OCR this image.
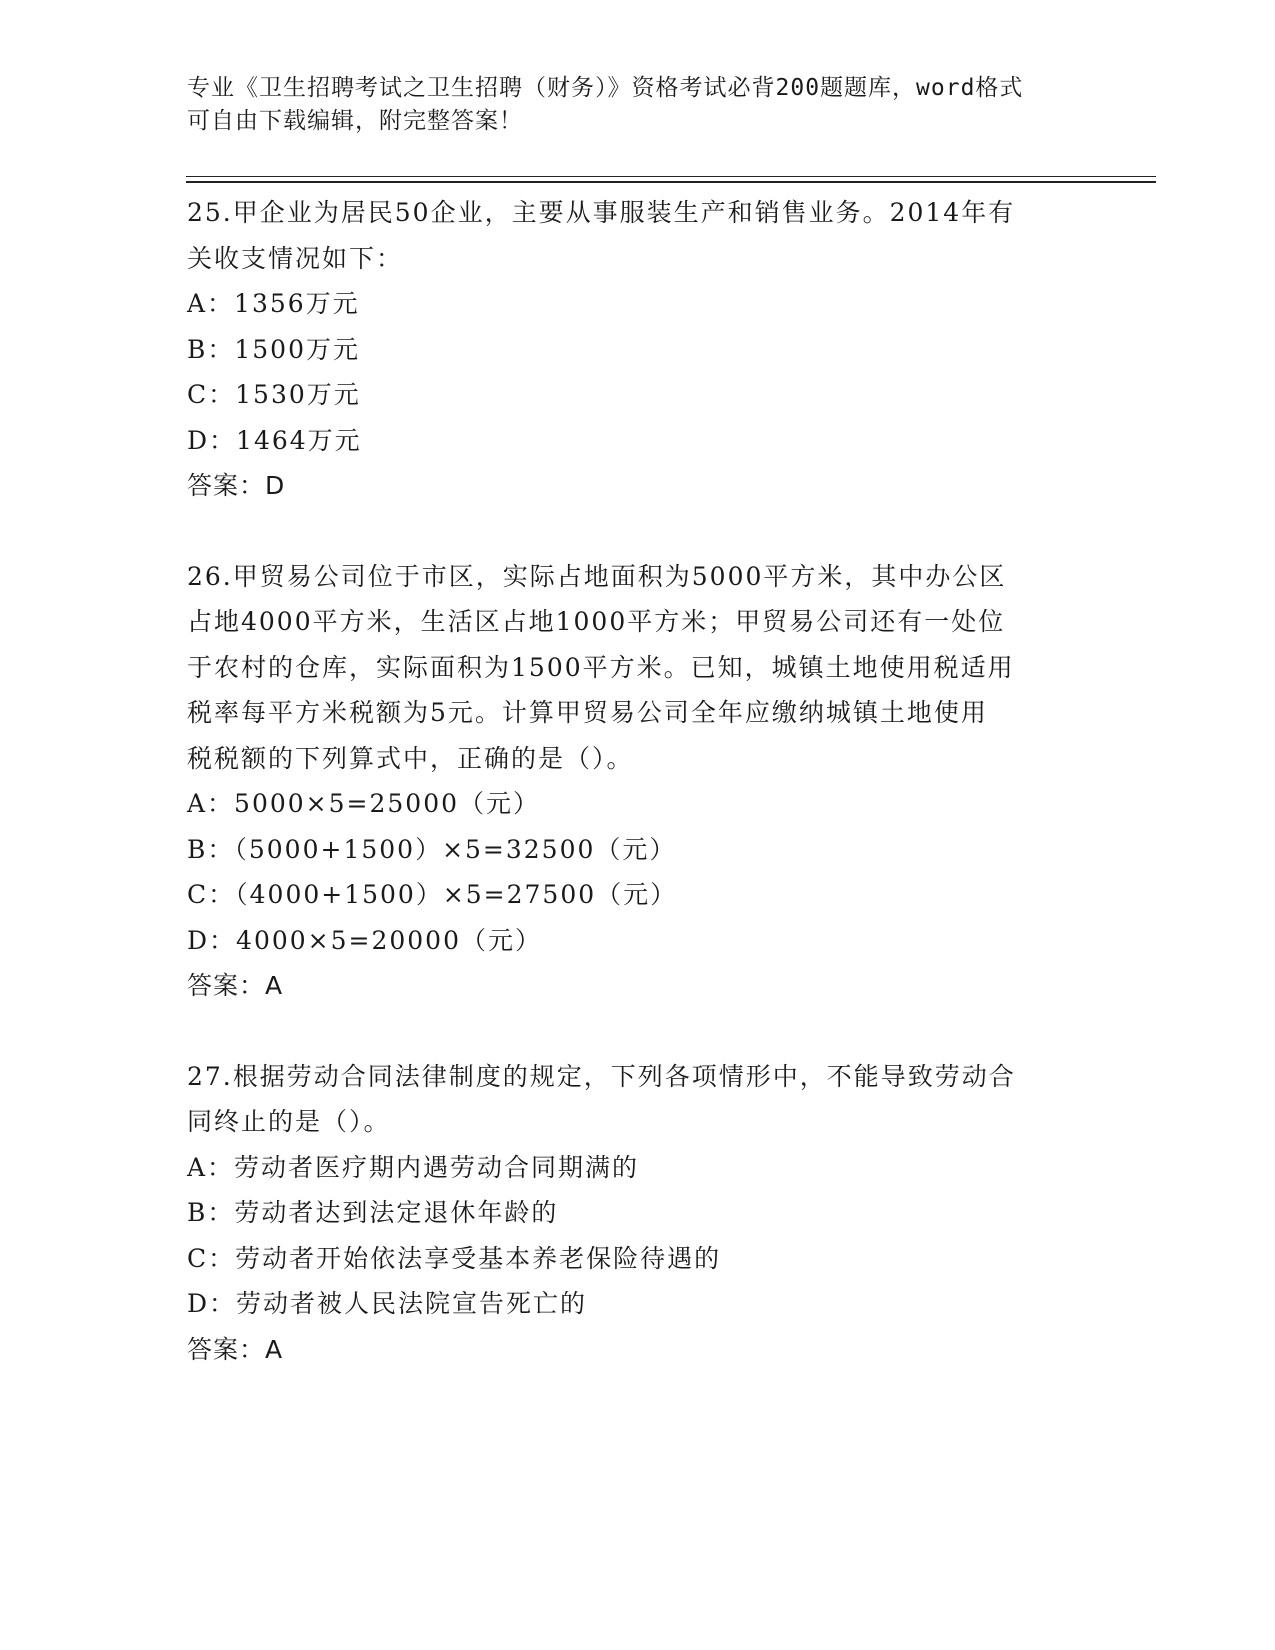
专业《卫生招聘考试之卫生招聘（财务）》资格考试必背200题题库，word格式
可自由下载编辑，附完整答案！
25.甲企业为居民50企业，主要从事服装生产和销售业务。2014年有
关收支情况如下：
A：1356万元
B：1500万元
C：1530万元
D：1464万元
答案：D
26.甲贸易公司位于市区，实际占地面积为5000平方米，其中办公区
占地4000平方米，生活区占地1000平方米；甲贸易公司还有一处位
于农村的仓库，实际面积为1500平方米。已知，城镇土地使用税适用
税率每平方米税额为5元。计算甲贸易公司全年应缴纳城镇土地使用
税税额的下列算式中，正确的是（）。
A：5000×5=25000（元）
B：（5000+1500）×5=32500（元）
C：（4000+1500）×5=27500（元）
D：4000×5=20000（元）
答案：A
27.根据劳动合同法律制度的规定，下列各项情形中，不能导致劳动合
同终止的是（）。
A：劳动者医疗期内遇劳动合同期满的
B：劳动者达到法定退休年龄的
C：劳动者开始依法享受基本养老保险待遇的
D：劳动者被人民法院宣告死亡的
答案：A
